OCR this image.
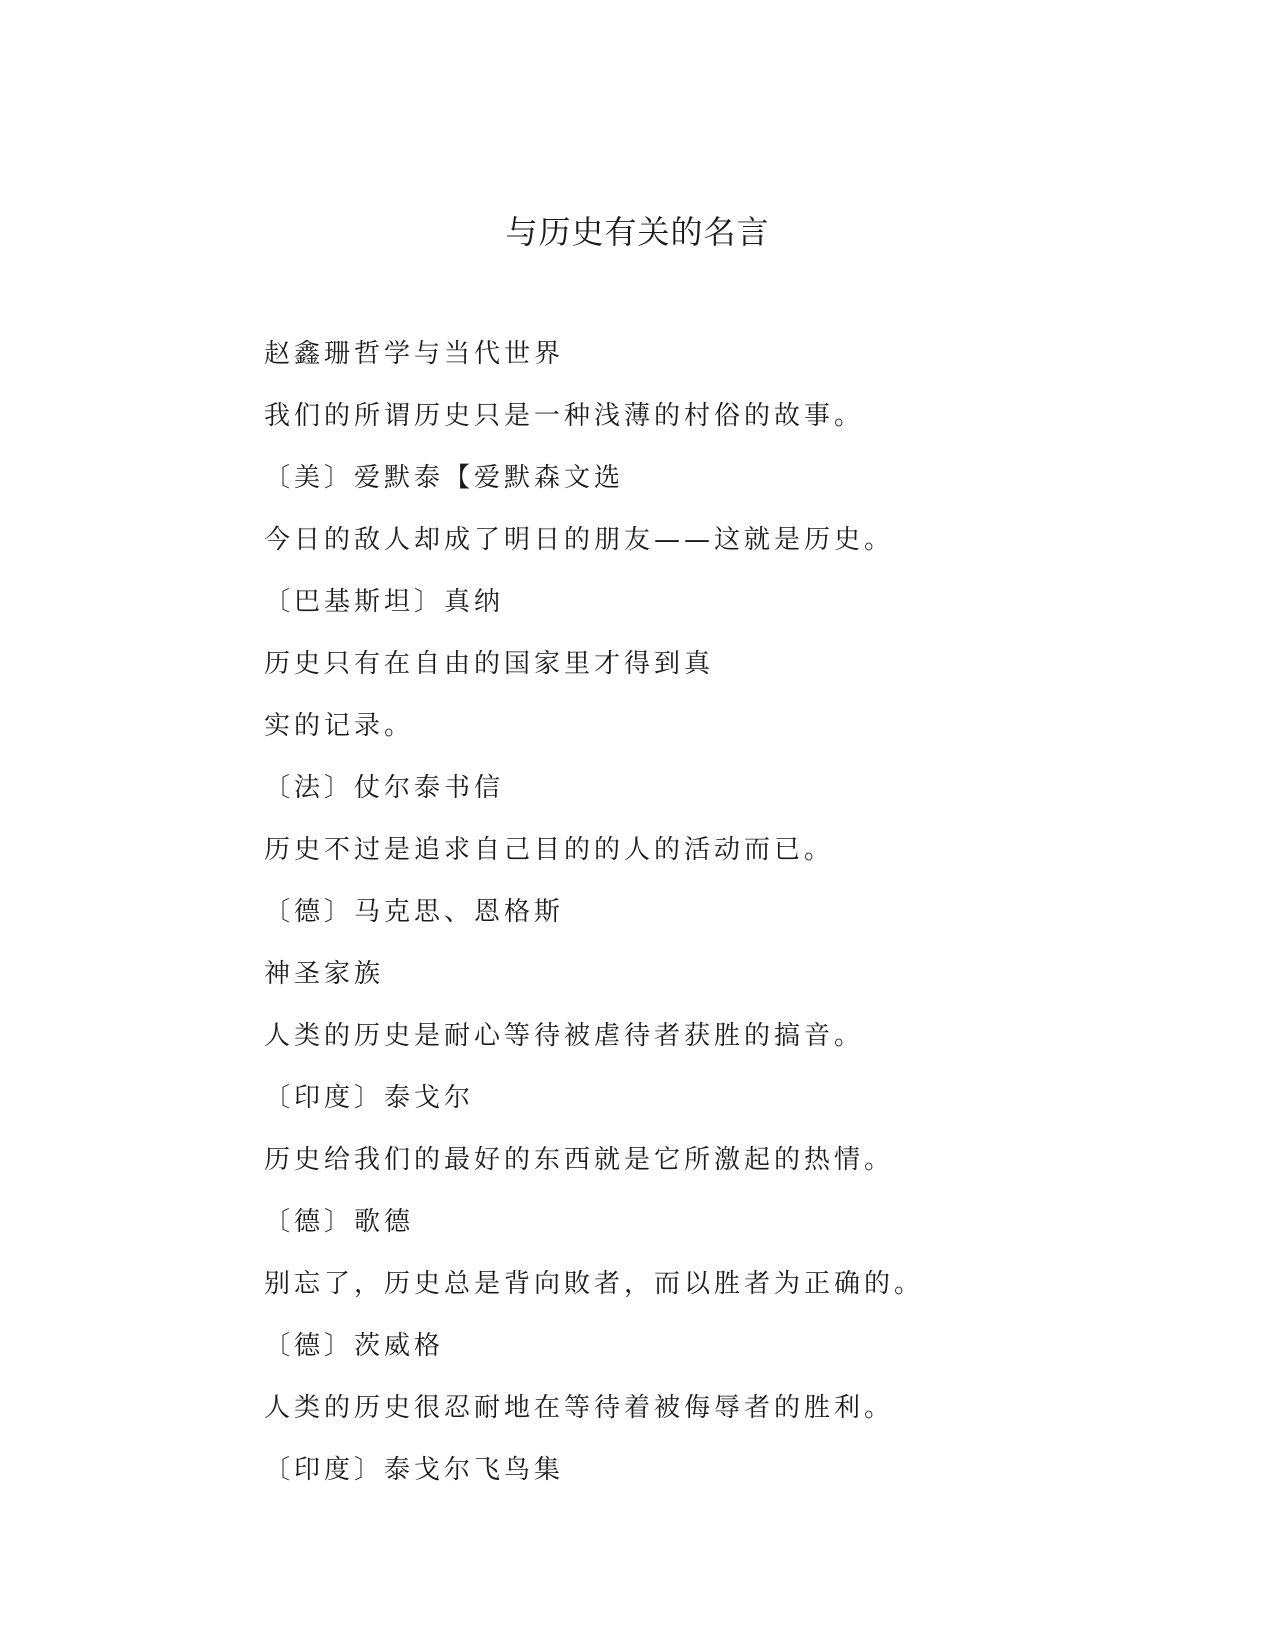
与历史有关的名言
赵鑫珊哲学与当代世界
我们的所谓历史只是一种浅薄的村俗的故事。
〔美〕爱默泰【爱默森文选
今日的敌人却成了明日的朋友——这就是历史。
〔巴基斯坦〕真纳
历史只有在自由的国家里才得到真
实的记录。
〔法〕仗尔泰书信
历史不过是追求自己目的的人的活动而已。
〔德〕马克思、恩格斯
神圣家族
人类的历史是耐心等待被虐待者获胜的搞音。
〔印度〕泰戈尔
历史给我们的最好的东西就是它所激起的热情。
〔德〕歌德
别忘了，历史总是背向敗者，而以胜者为正确的。
〔德〕茨威格
人类的历史很忍耐地在等待着被侮辱者的胜利。
〔印度〕泰戈尔飞鸟集
